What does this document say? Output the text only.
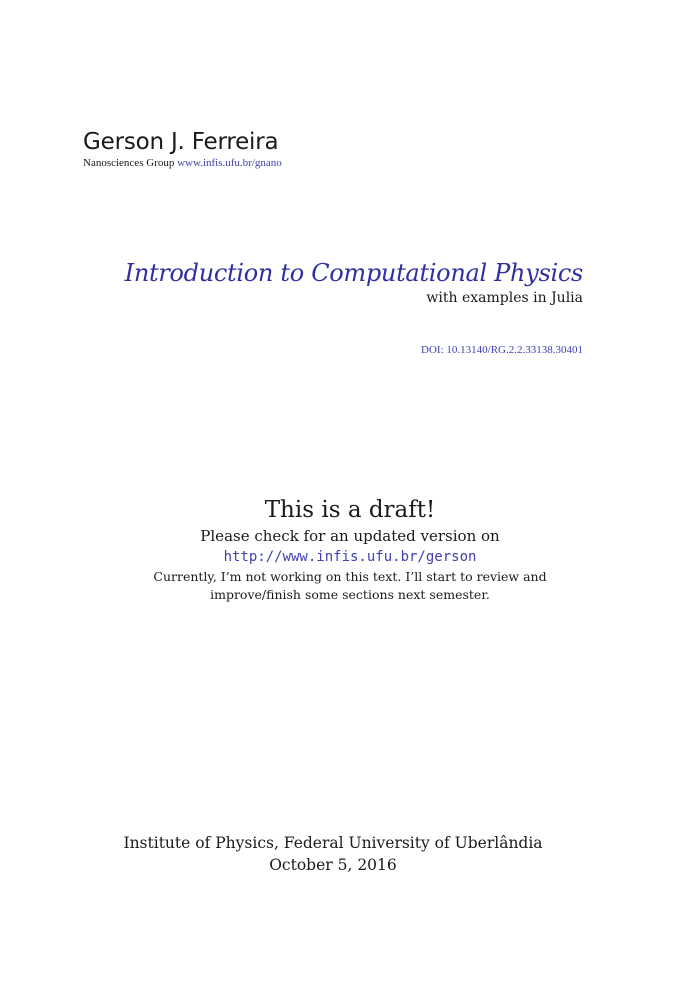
Gerson J. Ferreira
Nanosciences Group www.infis.ufu.br/gnano
Introduction to Computational Physics
with examples in Julia
DOI: 10.13140/RG.2.2.33138.30401
This is a draft!
Please check for an updated version on
http://www.infis.ufu.br/gerson
Currently, I’m not working on this text. I’ll start to review and
improve/finish some sections next semester.
Institute of Physics, Federal University of Uberlândia
October 5, 2016
